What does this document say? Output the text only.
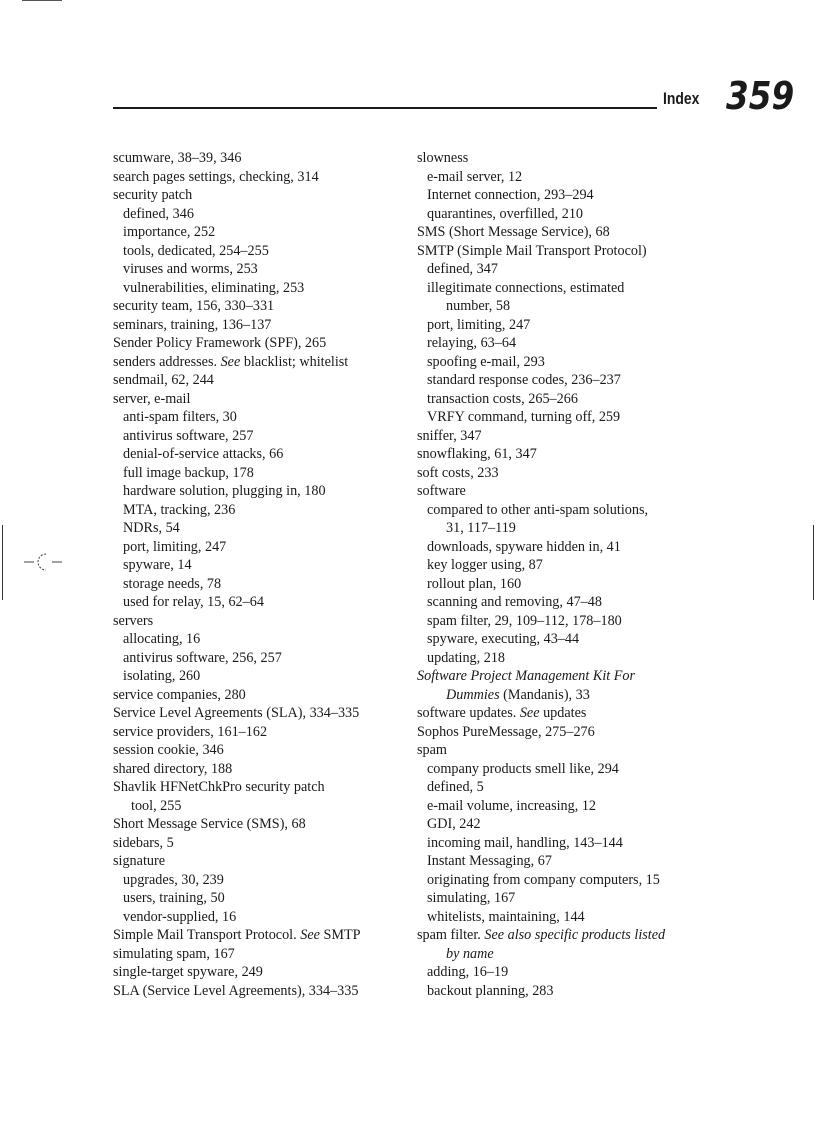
Index 359
scumware, 38–39, 346
search pages settings, checking, 314
security patch
defined, 346
importance, 252
tools, dedicated, 254–255
viruses and worms, 253
vulnerabilities, eliminating, 253
security team, 156, 330–331
seminars, training, 136–137
Sender Policy Framework (SPF), 265
senders addresses. See blacklist; whitelist
sendmail, 62, 244
server, e-mail
anti-spam filters, 30
antivirus software, 257
denial-of-service attacks, 66
full image backup, 178
hardware solution, plugging in, 180
MTA, tracking, 236
NDRs, 54
port, limiting, 247
spyware, 14
storage needs, 78
used for relay, 15, 62–64
servers
allocating, 16
antivirus software, 256, 257
isolating, 260
service companies, 280
Service Level Agreements (SLA), 334–335
service providers, 161–162
session cookie, 346
shared directory, 188
Shavlik HFNetChkPro security patch
tool, 255
Short Message Service (SMS), 68
sidebars, 5
signature
upgrades, 30, 239
users, training, 50
vendor-supplied, 16
Simple Mail Transport Protocol. See SMTP
simulating spam, 167
single-target spyware, 249
SLA (Service Level Agreements), 334–335
slowness
e-mail server, 12
Internet connection, 293–294
quarantines, overfilled, 210
SMS (Short Message Service), 68
SMTP (Simple Mail Transport Protocol)
defined, 347
illegitimate connections, estimated
number, 58
port, limiting, 247
relaying, 63–64
spoofing e-mail, 293
standard response codes, 236–237
transaction costs, 265–266
VRFY command, turning off, 259
sniffer, 347
snowflaking, 61, 347
soft costs, 233
software
compared to other anti-spam solutions,
31, 117–119
downloads, spyware hidden in, 41
key logger using, 87
rollout plan, 160
scanning and removing, 47–48
spam filter, 29, 109–112, 178–180
spyware, executing, 43–44
updating, 218
Software Project Management Kit For
Dummies (Mandanis), 33
software updates. See updates
Sophos PureMessage, 275–276
spam
company products smell like, 294
defined, 5
e-mail volume, increasing, 12
GDI, 242
incoming mail, handling, 143–144
Instant Messaging, 67
originating from company computers, 15
simulating, 167
whitelists, maintaining, 144
spam filter. See also specific products listed
by name
adding, 16–19
backout planning, 283
